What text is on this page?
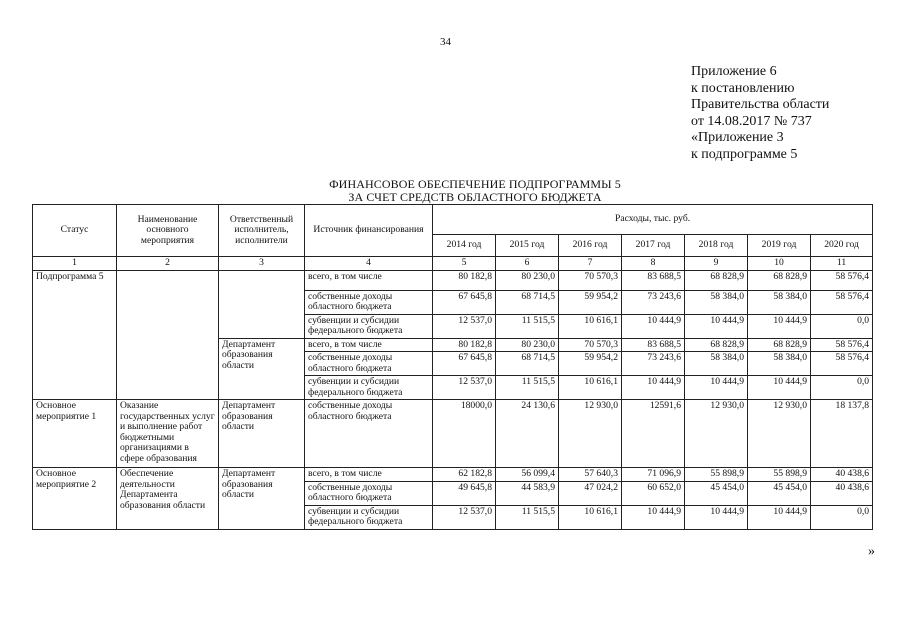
34
Приложение 6
к постановлению
Правительства области
от 14.08.2017 № 737
«Приложение 3
к подпрограмме 5
ФИНАНСОВОЕ ОБЕСПЕЧЕНИЕ ПОДПРОГРАММЫ 5
ЗА СЧЕТ СРЕДСТВ ОБЛАСТНОГО БЮДЖЕТА
Статус	Наименование основного мероприятия	Ответственный исполнитель, исполнители	Источник финансирования	Расходы, тыс. руб.						
				2014 год	2015 год	2016 год	2017 год	2018 год	2019 год	2020 год
1	2	3	4	5	6	7	8	9	10	11
Подпрограмма 5			всего, в том числе	80 182,8	80 230,0	70 570,3	83 688,5	68 828,9	68 828,9	58 576,4
			собственные доходы областного бюджета	67 645,8	68 714,5	59 954,2	73 243,6	58 384,0	58 384,0	58 576,4
			субвенции и субсидии федерального бюджета	12 537,0	11 515,5	10 616,1	10 444,9	10 444,9	10 444,9	0,0
		Департамент образования области	всего, в том числе	80 182,8	80 230,0	70 570,3	83 688,5	68 828,9	68 828,9	58 576,4
			собственные доходы областного бюджета	67 645,8	68 714,5	59 954,2	73 243,6	58 384,0	58 384,0	58 576,4
			субвенции и субсидии федерального бюджета	12 537,0	11 515,5	10 616,1	10 444,9	10 444,9	10 444,9	0,0
Основное мероприятие 1	Оказание государственных услуг и выполнение работ бюджетными организациями в сфере образования	Департамент образования области	собственные доходы областного бюджета	18000,0	24 130,6	12 930,0	12591,6	12 930,0	12 930,0	18 137,8
Основное мероприятие 2	Обеспечение деятельности Департамента образования области	Департамент образования области	всего, в том числе	62 182,8	56 099,4	57 640,3	71 096,9	55 898,9	55 898,9	40 438,6
			собственные доходы областного бюджета	49 645,8	44 583,9	47 024,2	60 652,0	45 454,0	45 454,0	40 438,6
			субвенции и субсидии федерального бюджета	12 537,0	11 515,5	10 616,1	10 444,9	10 444,9	10 444,9	0,0
»
